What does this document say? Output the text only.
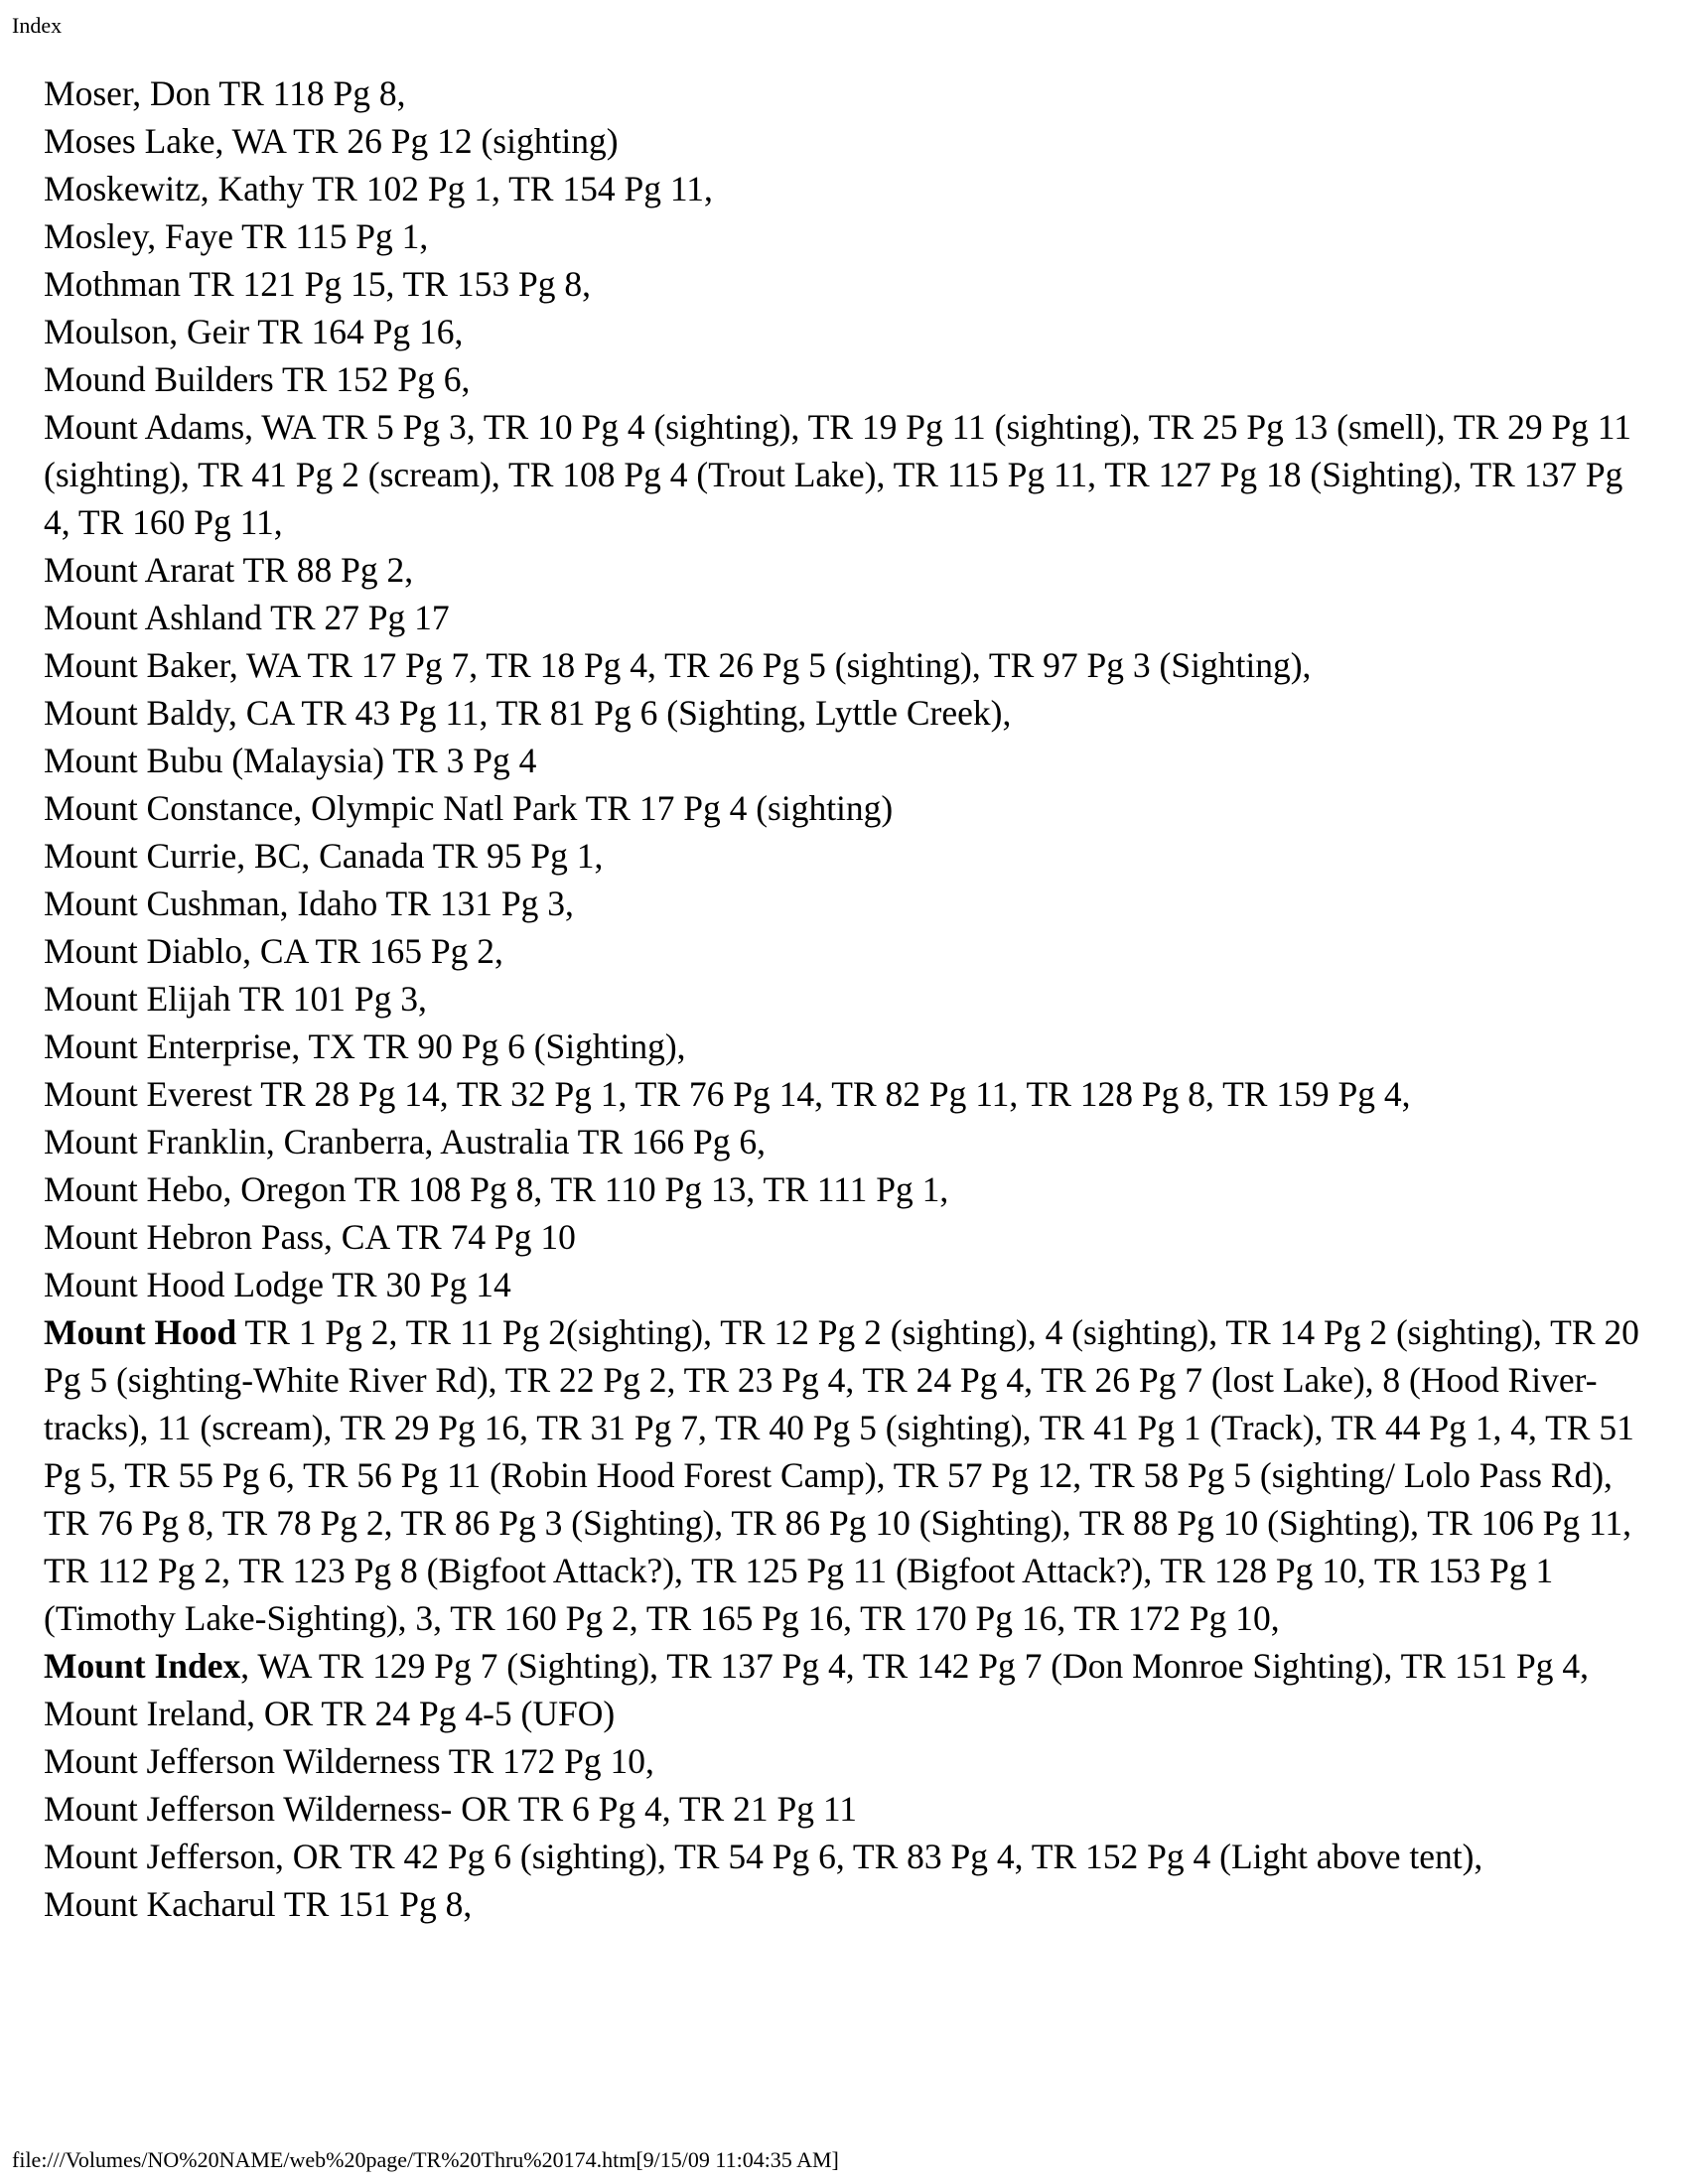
Index

Moser, Don TR 118 Pg 8,

Moses Lake, WA TR 26 Pg 12 (sighting)

Moskewitz, Kathy TR 102 Pg 1, TR 154 Pg 11,

Mosley, Faye TR 115 Pg 1,

Mothman TR 121 Pg 15, TR 153 Pg 8,

Moulson, Geir TR 164 Pg 16,

Mound Builders TR 152 Pg 6,

Mount Adams, WA TR 5 Pg 3, TR 10 Pg 4 (sighting), TR 19 Pg 11 (sighting), TR 25 Pg 13 (smell), TR 29 Pg 11 (sighting), TR 41 Pg 2 (scream), TR 108 Pg 4 (Trout Lake), TR 115 Pg 11, TR 127 Pg 18 (Sighting), TR 137 Pg 4, TR 160 Pg 11,

Mount Ararat TR 88 Pg 2,

Mount Ashland TR 27 Pg 17

Mount Baker, WA TR 17 Pg 7, TR 18 Pg 4, TR 26 Pg 5 (sighting), TR 97 Pg 3 (Sighting),

Mount Baldy, CA TR 43 Pg 11, TR 81 Pg 6 (Sighting, Lyttle Creek),

Mount Bubu (Malaysia) TR 3 Pg 4

Mount Constance, Olympic Natl Park TR 17 Pg 4 (sighting)

Mount Currie, BC, Canada TR 95 Pg 1,

Mount Cushman, Idaho TR 131 Pg 3,

Mount Diablo, CA TR 165 Pg 2,

Mount Elijah TR 101 Pg 3,

Mount Enterprise, TX TR 90 Pg 6 (Sighting),

Mount Everest TR 28 Pg 14, TR 32 Pg 1, TR 76 Pg 14, TR 82 Pg 11, TR 128 Pg 8, TR 159 Pg 4,

Mount Franklin, Cranberra, Australia TR 166 Pg 6,

Mount Hebo, Oregon TR 108 Pg 8, TR 110 Pg 13, TR 111 Pg 1,

Mount Hebron Pass, CA TR 74 Pg 10

Mount Hood Lodge TR 30 Pg 14

Mount Hood TR 1 Pg 2, TR 11 Pg 2(sighting), TR 12 Pg 2 (sighting), 4 (sighting), TR 14 Pg 2 (sighting), TR 20 Pg 5 (sighting-White River Rd), TR 22 Pg 2, TR 23 Pg 4, TR 24 Pg 4, TR 26 Pg 7 (lost Lake), 8 (Hood River- tracks), 11 (scream), TR 29 Pg 16, TR 31 Pg 7, TR 40 Pg 5 (sighting), TR 41 Pg 1 (Track), TR 44 Pg 1, 4, TR 51 Pg 5, TR 55 Pg 6, TR 56 Pg 11 (Robin Hood Forest Camp), TR 57 Pg 12, TR 58 Pg 5 (sighting/ Lolo Pass Rd), TR 76 Pg 8, TR 78 Pg 2, TR 86 Pg 3 (Sighting), TR 86 Pg 10 (Sighting), TR 88 Pg 10 (Sighting), TR 106 Pg 11, TR 112 Pg 2, TR 123 Pg 8 (Bigfoot Attack?), TR 125 Pg 11 (Bigfoot Attack?), TR 128 Pg 10, TR 153 Pg 1 (Timothy Lake-Sighting), 3, TR 160 Pg 2, TR 165 Pg 16, TR 170 Pg 16, TR 172 Pg 10,

Mount Index, WA TR 129 Pg 7 (Sighting), TR 137 Pg 4, TR 142 Pg 7 (Don Monroe Sighting), TR 151 Pg 4,

Mount Ireland, OR TR 24 Pg 4-5 (UFO)

Mount Jefferson Wilderness TR 172 Pg 10,

Mount Jefferson Wilderness- OR TR 6 Pg 4, TR 21 Pg 11

Mount Jefferson, OR TR 42 Pg 6 (sighting), TR 54 Pg 6, TR 83 Pg 4, TR 152 Pg 4 (Light above tent),

Mount Kacharul TR 151 Pg 8,

file:///Volumes/NO%20NAME/web%20page/TR%20Thru%20174.htm[9/15/09 11:04:35 AM]
